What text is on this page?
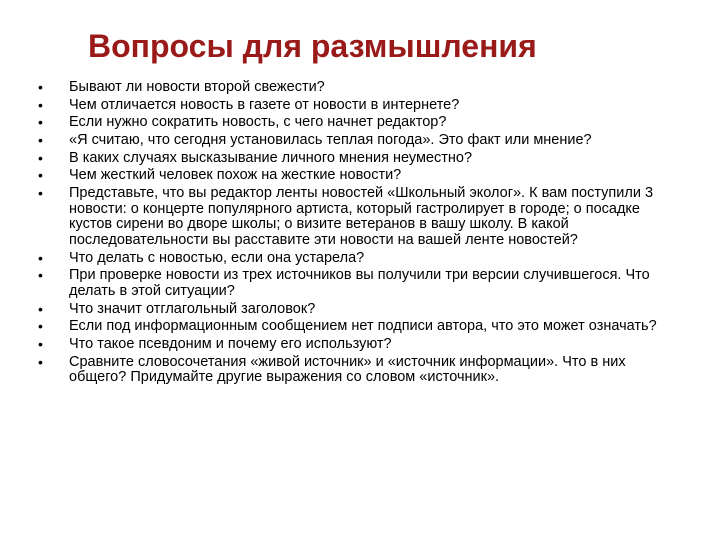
Вопросы для размышления
•	Бывают ли новости второй свежести?
•	Чем отличается новость в газете от новости в интернете?
•	Если нужно сократить новость, с чего начнет редактор?
•	«Я считаю, что сегодня установилась теплая погода». Это факт или мнение?
•	В каких случаях высказывание личного мнения неуместно?
•	Чем жесткий человек похож на жесткие новости?
•	Представьте, что вы редактор ленты новостей «Школьный эколог». К вам поступили 3 новости: о концерте популярного артиста, который гастролирует в городе; о посадке кустов сирени во дворе школы; о визите ветеранов в вашу школу. В какой последовательности вы расставите эти новости на вашей ленте новостей?
•	Что делать с новостью, если она устарела?
•	При проверке новости из трех источников вы получили три версии случившегося. Что делать в этой ситуации?
•	Что значит отглагольный заголовок?
•	Если под информационным сообщением нет подписи автора, что это может означать?
•	Что такое псевдоним и почему его используют?
•	Сравните словосочетания «живой источник» и «источник информации». Что в них общего? Придумайте другие выражения со словом «источник».
